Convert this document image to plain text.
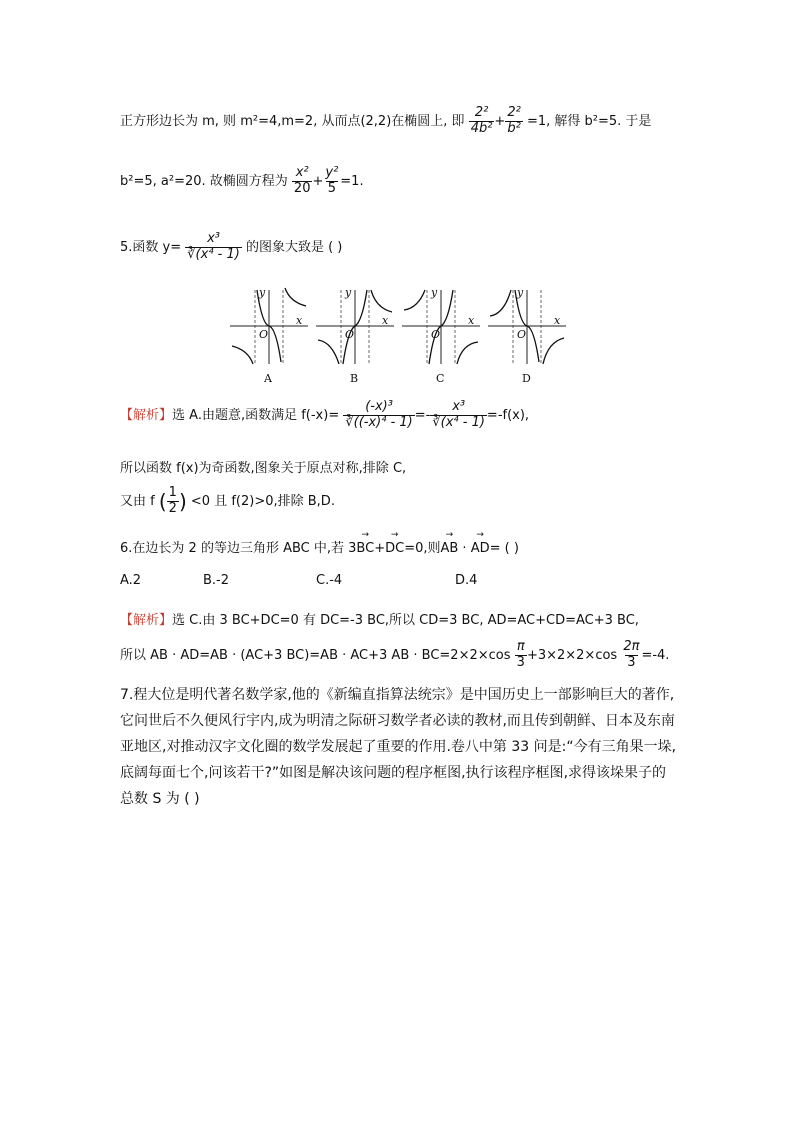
正方形边长为 m, 则 m²=4,m=2, 从而点(2,2)在椭圆上, 即 $\frac{\text{2²}}{\text{4b²}} + \frac{\text{2²}}{\text{b²}} =1$, 解得 b²=5. 于是
b²=5, a²=20. 故椭圆方程为 $\frac{\text{x²}}{20} + \frac{\text{y²}}{5} =1$.
5.函数 $y= \frac{\text{x³}}{\text{∛(x⁴ - 1)}}$ 的图象大致是 ( )
y
x
O
y
x
O
y
x
O
y
x
O
A	B	C	D
【解析】选 A.由题意,函数满足 $f(-x)= \frac{\text{(-x)³}}{\text{∛((-x)⁴ - 1)}} =- \frac{\text{x³}}{\text{∛(x⁴ - 1)}} =-f(x)$,
所以函数 f(x)为奇函数,图象关于原点对称,排除 C,
又由 f ( $\frac{1}{2}$ ) <0 且 f(2)>0,排除 B,D.
6.在边长为 2 的等边三角形 ABC 中,若 3→ BC+→ DC=0,则→ AB · → AD= ( )
A.2	B.-2	C.-4	D.4
【解析】选 C.由 3 BC+DC=0 有 DC=-3 BC,所以 CD=3 BC, AD=AC+CD=AC+3 BC,
所以 AB · AD=AB · (AC+3 BC)=AB · AC+3 AB · $BC=2\times 2\times\cos \frac{\pi}{3} +3\times 2\times 2\times\cos \frac{2\pi}{3} =-4$.
7.程大位是明代著名数学家,他的《新编直指算法统宗》是中国历史上一部影响巨大的著作,它问世后不久便风行宇内,成为明清之际研习数学者必读的教材,而且传到朝鲜、日本及东南亚地区,对推动汉字文化圈的数学发展起了重要的作用.卷八中第 33 问是:“今有三角果一垛,底阔每面七个,问该若干?”如图是解决该问题的程序框图,执行该程序框图,求得该垛果子的总数 S 为 ( )
